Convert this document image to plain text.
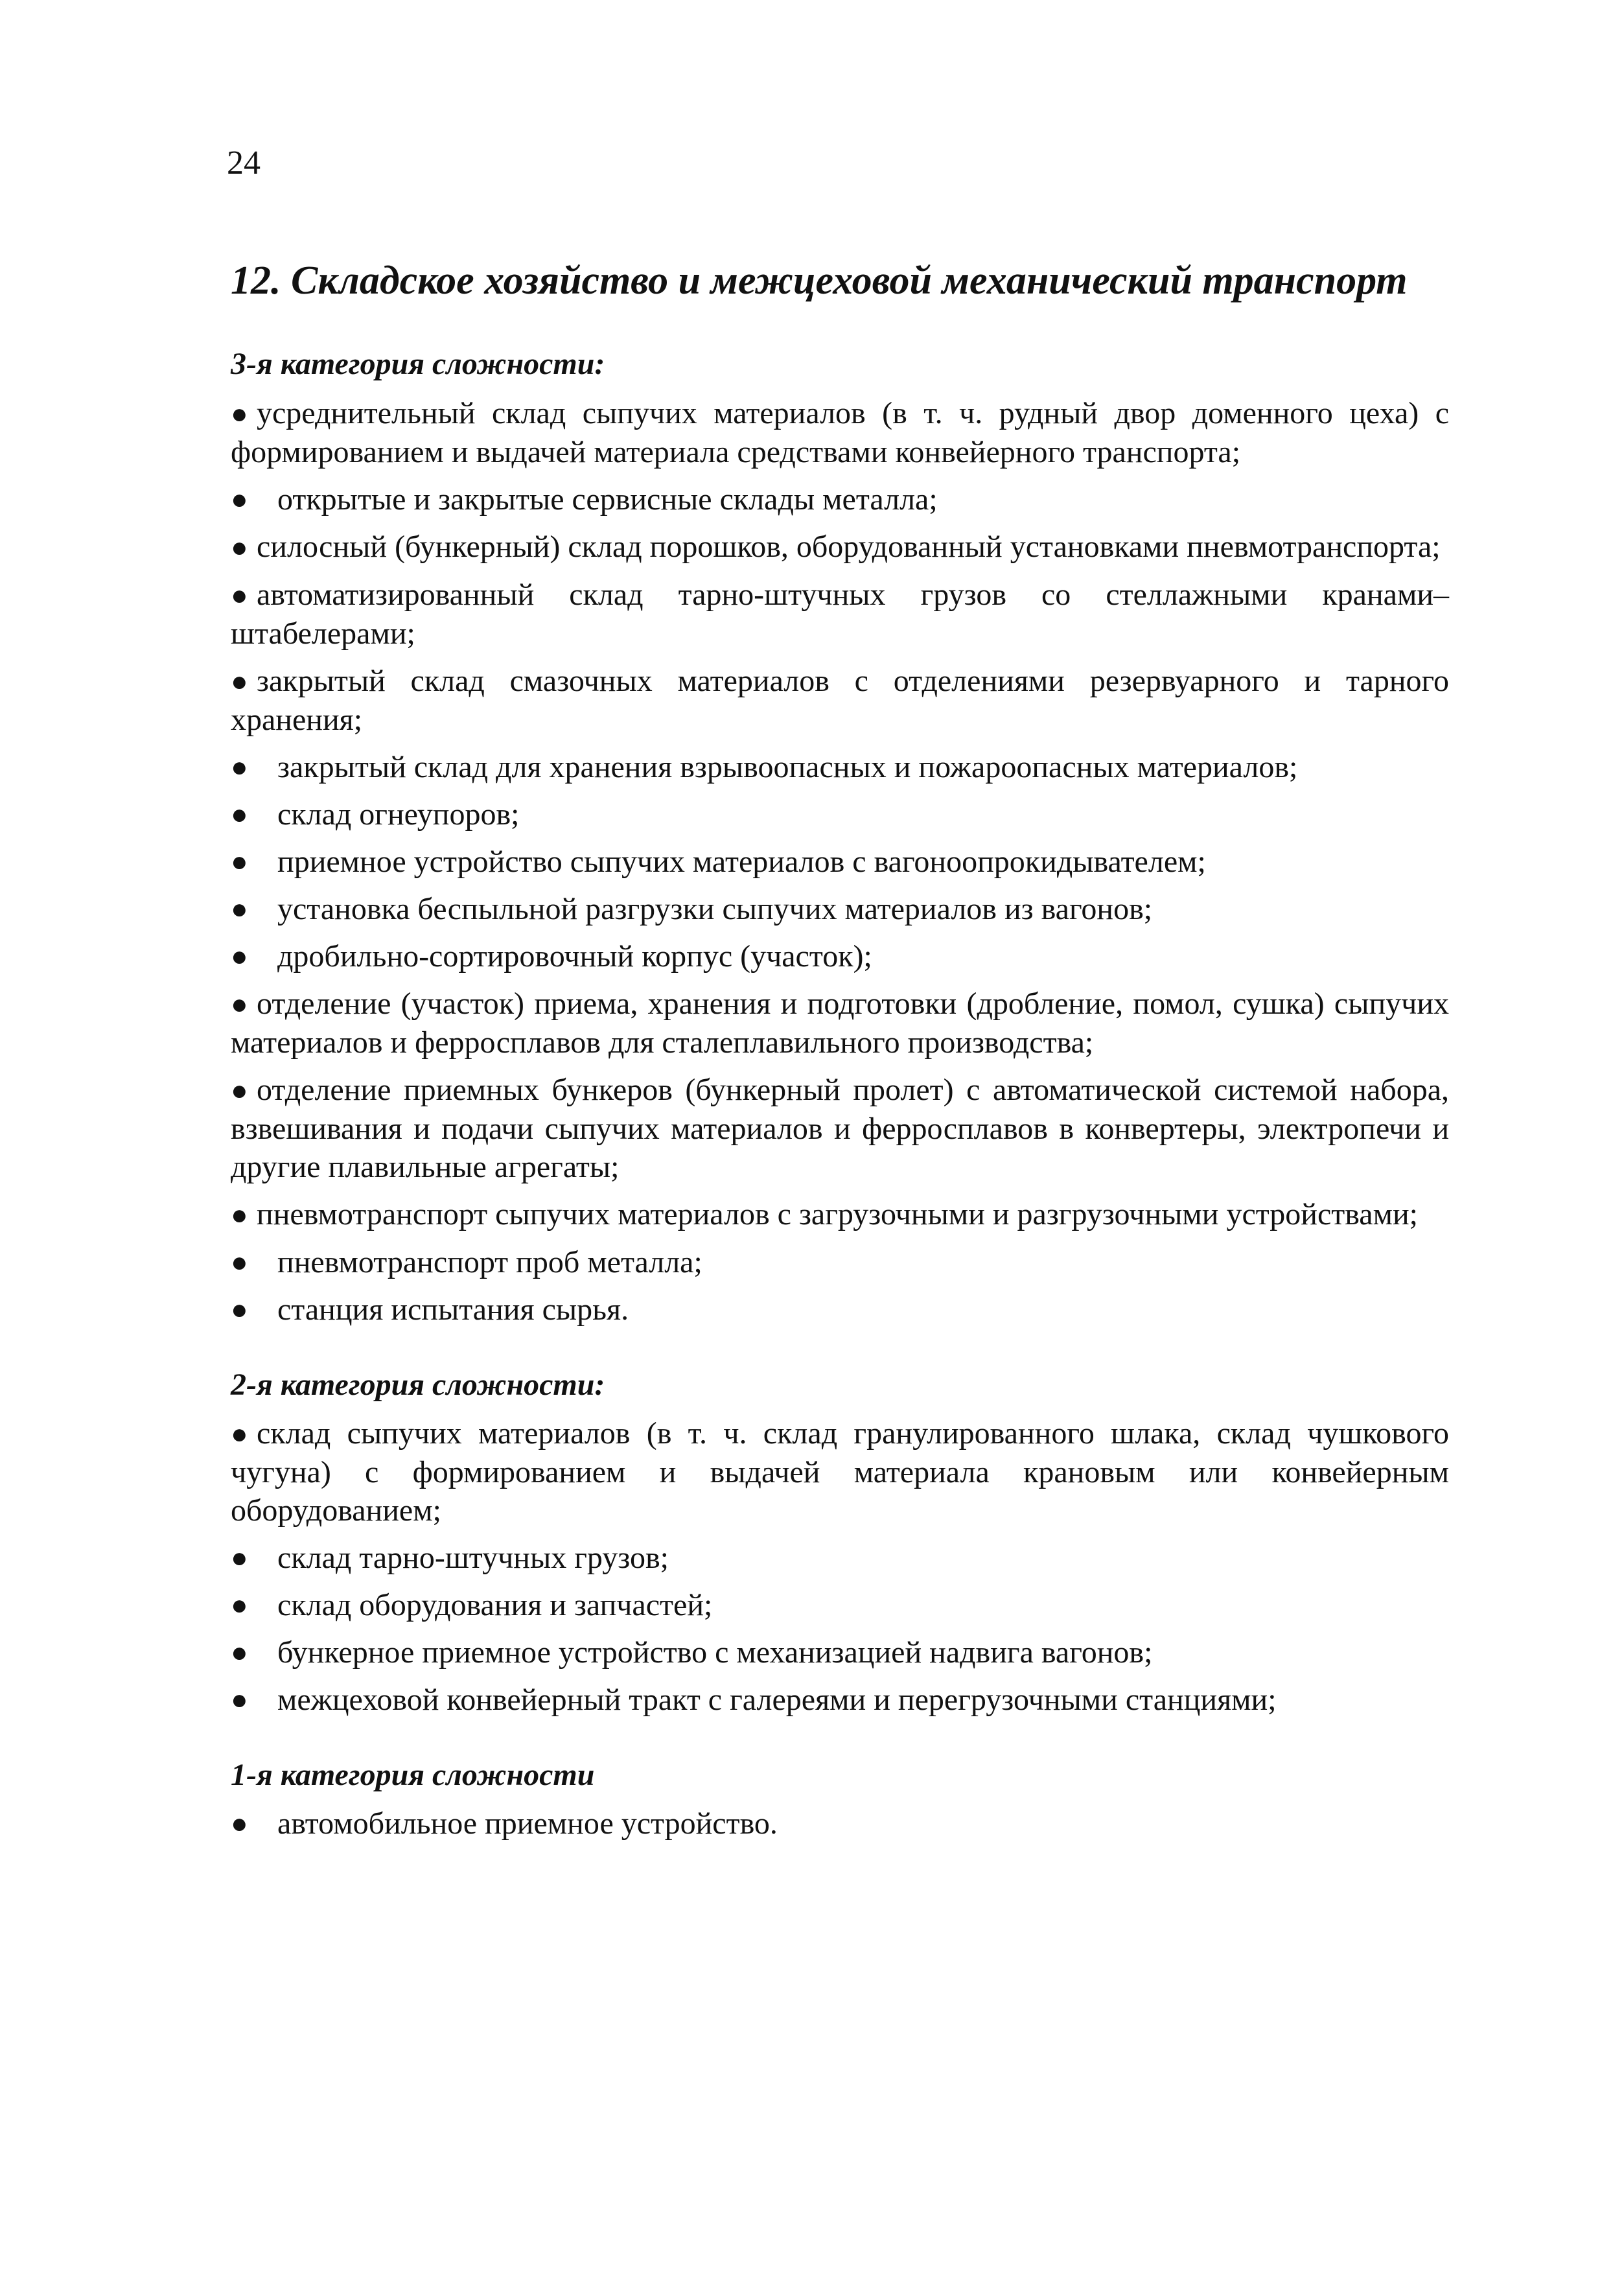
24
12. Складское хозяйство и межцеховой механический транспорт
3-я категория сложности:
● усреднительный склад сыпучих материалов (в т. ч. рудный двор доменного цеха) с формированием и выдачей материала средствами конвейерного транспорта;
● открытые и закрытые сервисные склады металла;
● силосный (бункерный) склад порошков, оборудованный установками пневмотранспорта;
● автоматизированный склад тарно-штучных грузов со стеллажными кранами–штабелерами;
● закрытый склад смазочных материалов с отделениями резервуарного и тарного хранения;
● закрытый склад для хранения взрывоопасных и пожароопасных материалов;
● склад огнеупоров;
● приемное устройство сыпучих материалов с вагоноопрокидывателем;
● установка беспыльной разгрузки сыпучих материалов из вагонов;
● дробильно-сортировочный корпус (участок);
● отделение (участок) приема, хранения и подготовки (дробление, помол, сушка) сыпучих материалов и ферросплавов для сталеплавильного производства;
● отделение приемных бункеров (бункерный пролет) с автоматической системой набора, взвешивания и подачи сыпучих материалов и ферросплавов в конвертеры, электропечи и другие плавильные агрегаты;
● пневмотранспорт сыпучих материалов с загрузочными и разгрузочными устройствами;
● пневмотранспорт проб металла;
● станция испытания сырья.
2-я категория сложности:
● склад сыпучих материалов (в т. ч. склад гранулированного шлака, склад чушкового чугуна) с формированием и выдачей материала крановым или конвейерным оборудованием;
● склад тарно-штучных грузов;
● склад оборудования и запчастей;
● бункерное приемное устройство с механизацией надвига вагонов;
● межцеховой конвейерный тракт с галереями и перегрузочными станциями;
1-я категория сложности
● автомобильное приемное устройство.
